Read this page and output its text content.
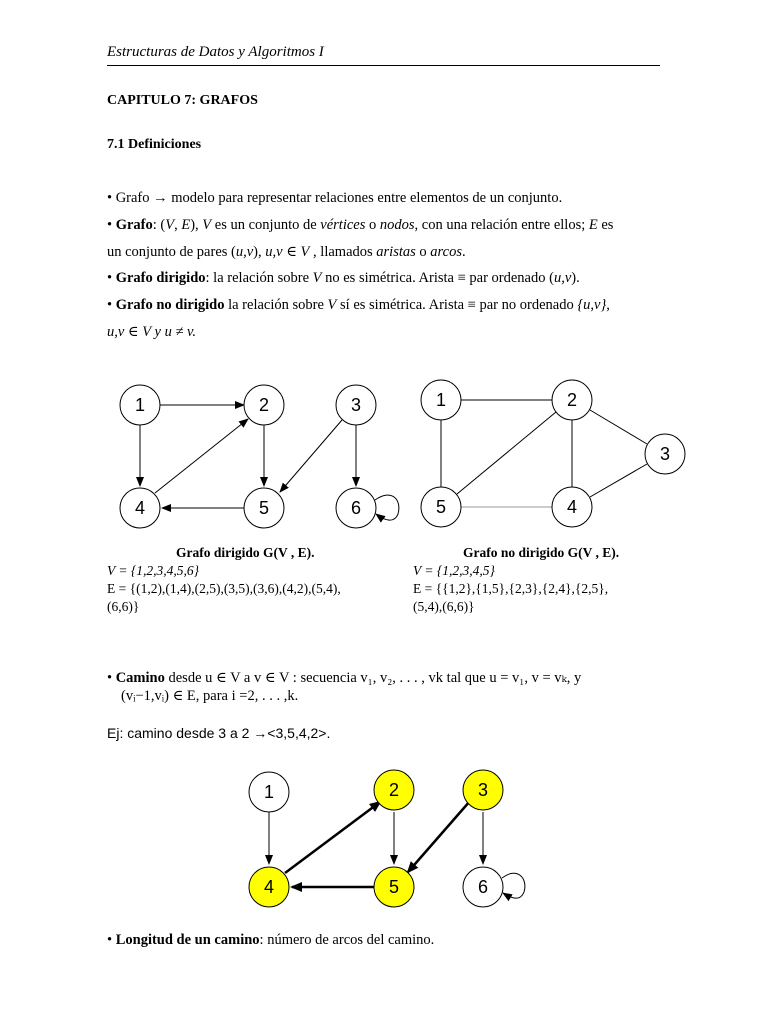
Estructuras de Datos y Algoritmos I
CAPITULO 7: GRAFOS
7.1 Definiciones
• Grafo → modelo para representar relaciones entre elementos de un conjunto.
• Grafo: (V, E), V es un conjunto de vértices o nodos, con una relación entre ellos; E es
un conjunto de pares (u,v), u,v ∈ V , llamados aristas o arcos.
• Grafo dirigido: la relación sobre V no es simétrica. Arista ≡ par ordenado (u,v).
• Grafo no dirigido la relación sobre V sí es simétrica. Arista ≡ par no ordenado {u,v},
u,v ∈ V y u ≠ v.
1	2	3
4	5	6
1	2
3
4
5
1	2	3
4	5	6
Grafo dirigido G(V , E).
V = {1,2,3,4,5,6}
E = {(1,2),(1,4),(2,5),(3,5),(3,6),(4,2),(5,4),
(6,6)}
Grafo no dirigido G(V , E).
V = {1,2,3,4,5}
E = {{1,2},{1,5},{2,3},{2,4},{2,5},
(5,4),(6,6)}
• Camino desde u ∈ V a v ∈ V : secuencia v₁, v₂, . . . , vk tal que u = v₁, v = vₖ, y
(vᵢ−1,vᵢ) ∈ E, para i =2, . . . ,k.
Ej: camino desde 3 a 2 →<3,5,4,2>.
• Longitud de un camino: número de arcos del camino.
